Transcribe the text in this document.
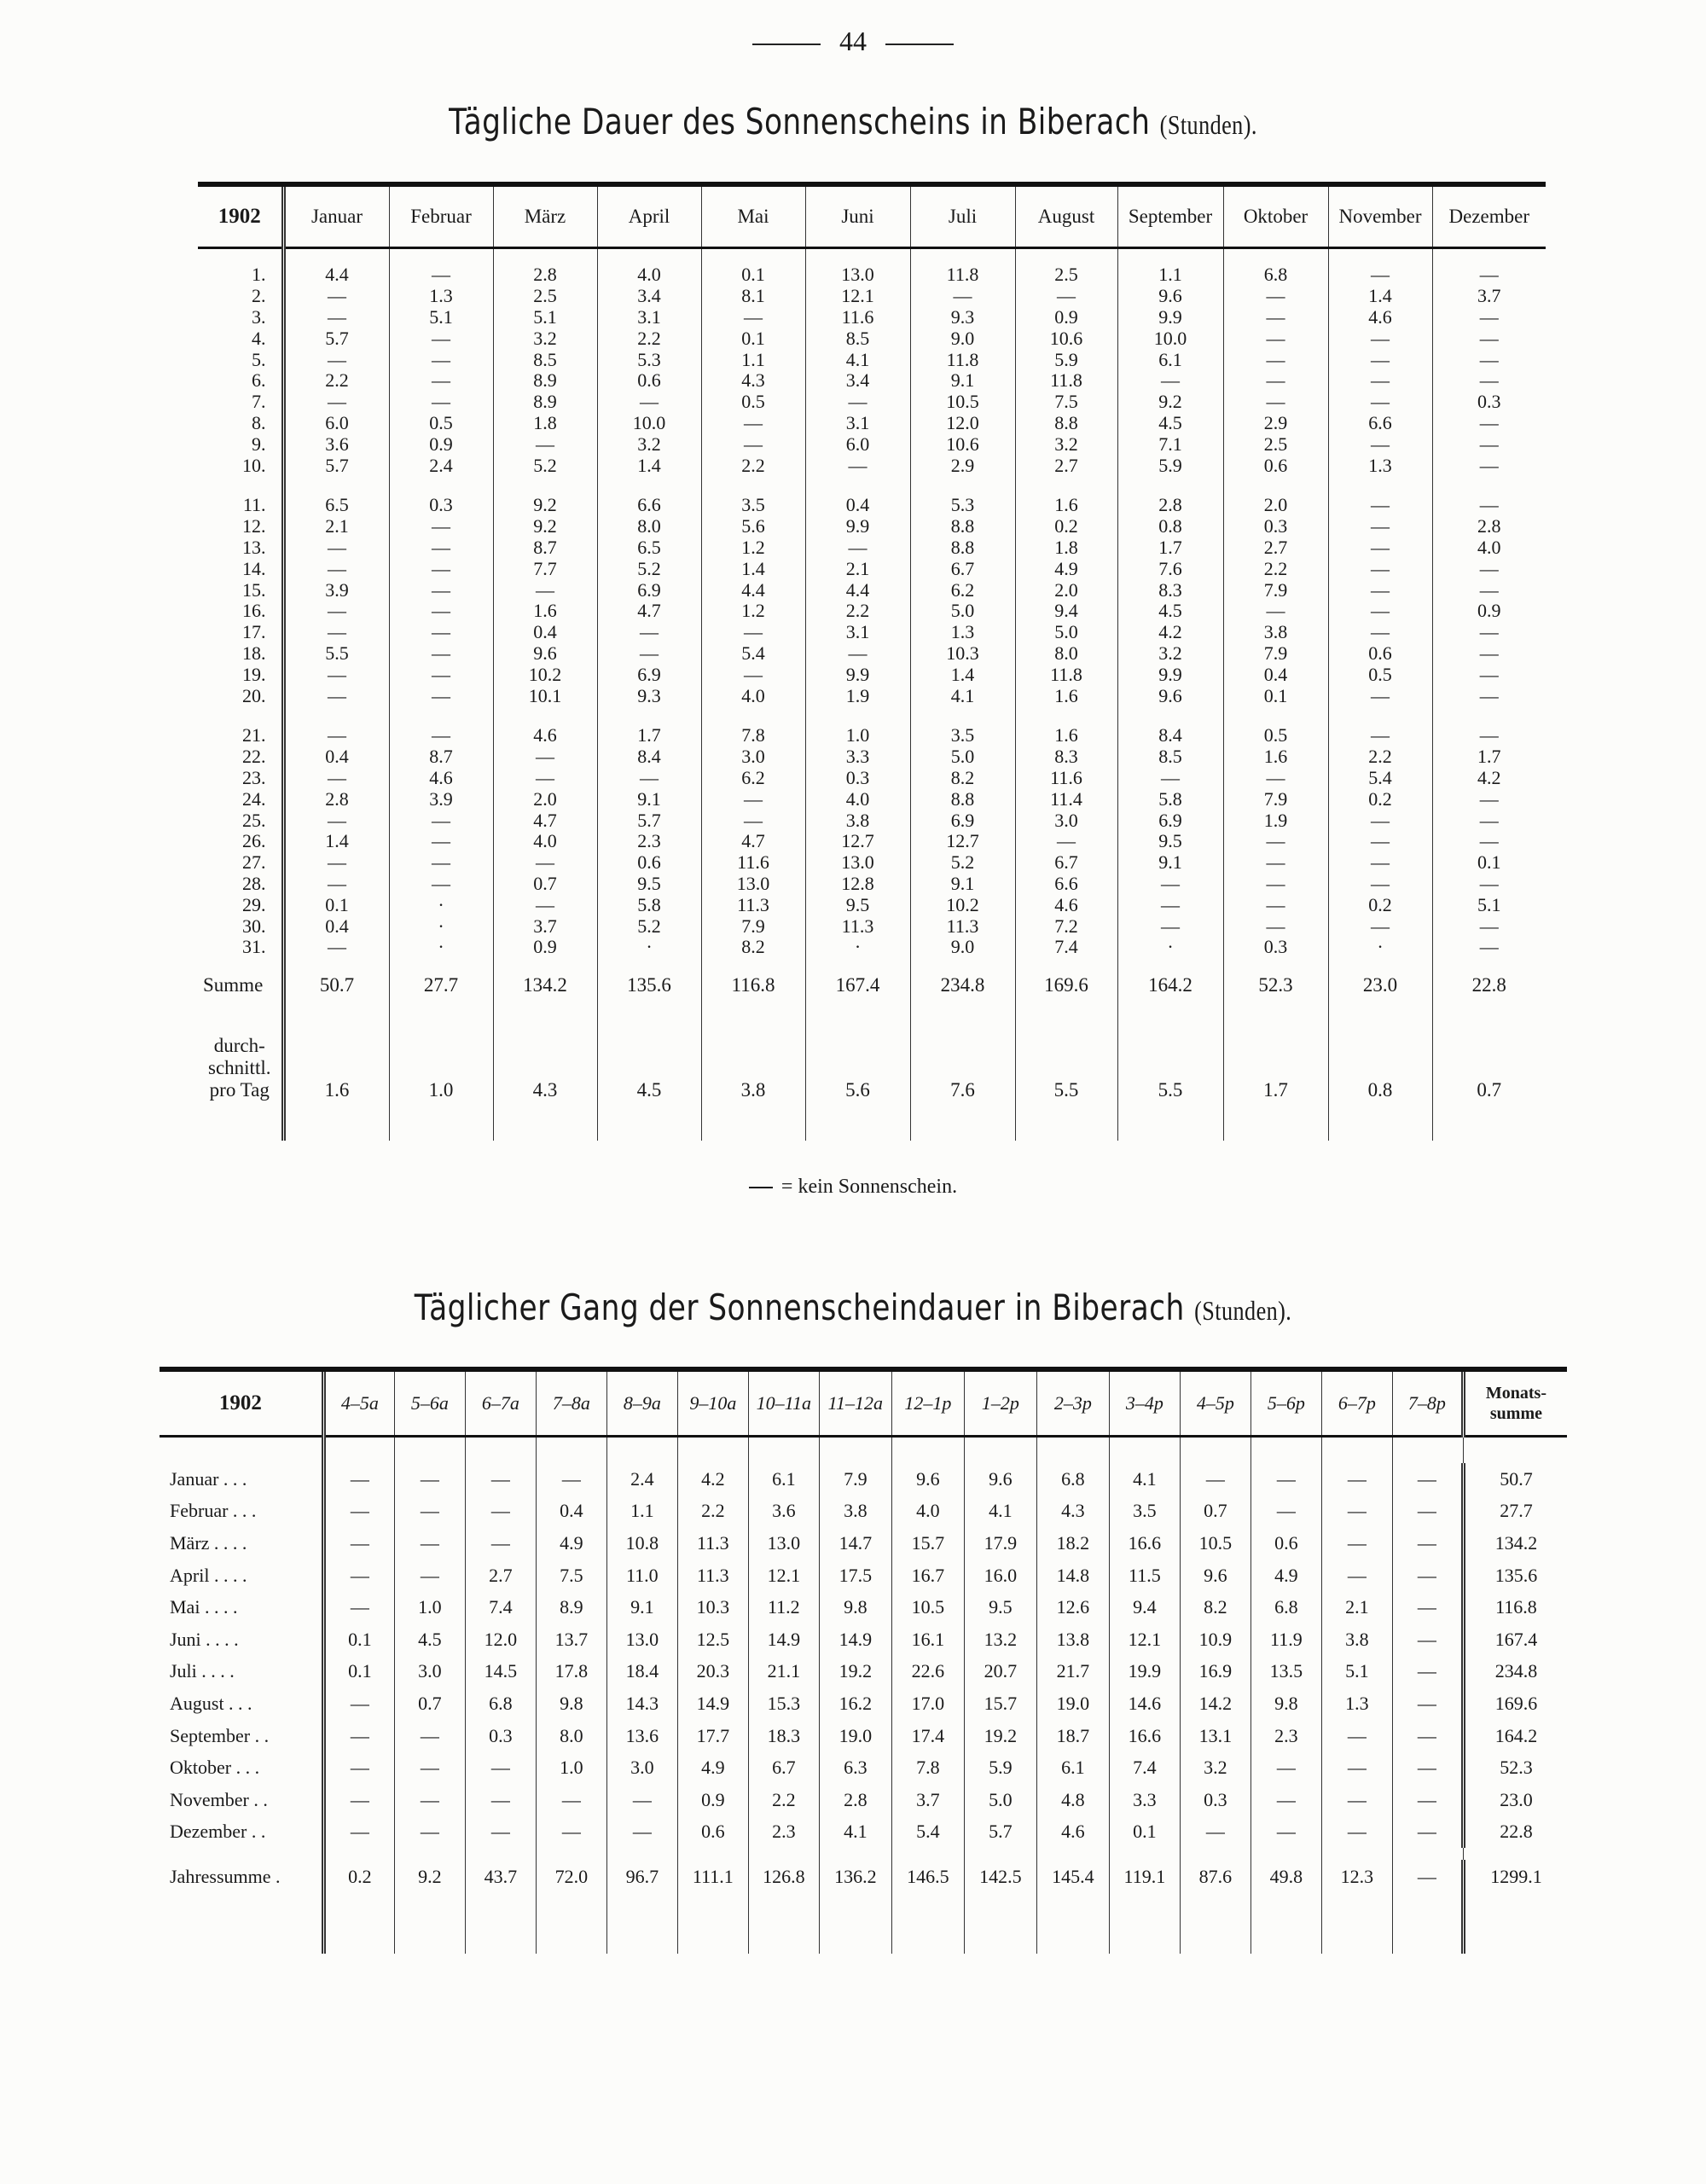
44
Tägliche Dauer des Sonnenscheins in Biberach (Stunden).
1902	Januar	Februar	März	April	Mai	Juni	Juli	August	September	Oktober	November	Dezember

1.	4.4	—	2.8	4.0	0.1	13.0	11.8	2.5	1.1	6.8	—	—
2.	—	1.3	2.5	3.4	8.1	12.1	—	—	9.6	—	1.4	3.7
3.	—	5.1	5.1	3.1	—	11.6	9.3	0.9	9.9	—	4.6	—
4.	5.7	—	3.2	2.2	0.1	8.5	9.0	10.6	10.0	—	—	—
5.	—	—	8.5	5.3	1.1	4.1	11.8	5.9	6.1	—	—	—
6.	2.2	—	8.9	0.6	4.3	3.4	9.1	11.8	—	—	—	—
7.	—	—	8.9	—	0.5	—	10.5	7.5	9.2	—	—	0.3
8.	6.0	0.5	1.8	10.0	—	3.1	12.0	8.8	4.5	2.9	6.6	—
9.	3.6	0.9	—	3.2	—	6.0	10.6	3.2	7.1	2.5	—	—
10.	5.7	2.4	5.2	1.4	2.2	—	2.9	2.7	5.9	0.6	1.3	—

11.	6.5	0.3	9.2	6.6	3.5	0.4	5.3	1.6	2.8	2.0	—	—
12.	2.1	—	9.2	8.0	5.6	9.9	8.8	0.2	0.8	0.3	—	2.8
13.	—	—	8.7	6.5	1.2	—	8.8	1.8	1.7	2.7	—	4.0
14.	—	—	7.7	5.2	1.4	2.1	6.7	4.9	7.6	2.2	—	—
15.	3.9	—	—	6.9	4.4	4.4	6.2	2.0	8.3	7.9	—	—
16.	—	—	1.6	4.7	1.2	2.2	5.0	9.4	4.5	—	—	0.9
17.	—	—	0.4	—	—	3.1	1.3	5.0	4.2	3.8	—	—
18.	5.5	—	9.6	—	5.4	—	10.3	8.0	3.2	7.9	0.6	—
19.	—	—	10.2	6.9	—	9.9	1.4	11.8	9.9	0.4	0.5	—
20.	—	—	10.1	9.3	4.0	1.9	4.1	1.6	9.6	0.1	—	—

21.	—	—	4.6	1.7	7.8	1.0	3.5	1.6	8.4	0.5	—	—
22.	0.4	8.7	—	8.4	3.0	3.3	5.0	8.3	8.5	1.6	2.2	1.7
23.	—	4.6	—	—	6.2	0.3	8.2	11.6	—	—	5.4	4.2
24.	2.8	3.9	2.0	9.1	—	4.0	8.8	11.4	5.8	7.9	0.2	—
25.	—	—	4.7	5.7	—	3.8	6.9	3.0	6.9	1.9	—	—
26.	1.4	—	4.0	2.3	4.7	12.7	12.7	—	9.5	—	—	—
27.	—	—	—	0.6	11.6	13.0	5.2	6.7	9.1	—	—	0.1
28.	—	—	0.7	9.5	13.0	12.8	9.1	6.6	—	—	—	—
29.	0.1	·	—	5.8	11.3	9.5	10.2	4.6	—	—	0.2	5.1
30.	0.4	·	3.7	5.2	7.9	11.3	11.3	7.2	—	—	—	—
31.	—	·	0.9	·	8.2	·	9.0	7.4	·	0.3	·	—
Summe	50.7	27.7	134.2	135.6	116.8	167.4	234.8	169.6	164.2	52.3	23.0	22.8

durch-
schnittl.
pro Tag	1.6	1.0	4.3	4.5	3.8	5.6	7.6	5.5	5.5	1.7	0.8	0.7

= kein Sonnenschein.
Täglicher Gang der Sonnenscheindauer in Biberach (Stunden).
1902	4–5a	5–6a	6–7a	7–8a	8–9a	9–10a	10–11a	11–12a	12–1p	1–2p	2–3p	3–4p	4–5p	5–6p	6–7p	7–8p	Monats-
summe

Januar . . .	—	—	—	—	2.4	4.2	6.1	7.9	9.6	9.6	6.8	4.1	—	—	—	—	50.7
Februar . . .	—	—	—	0.4	1.1	2.2	3.6	3.8	4.0	4.1	4.3	3.5	0.7	—	—	—	27.7
März . . . .	—	—	—	4.9	10.8	11.3	13.0	14.7	15.7	17.9	18.2	16.6	10.5	0.6	—	—	134.2
April . . . .	—	—	2.7	7.5	11.0	11.3	12.1	17.5	16.7	16.0	14.8	11.5	9.6	4.9	—	—	135.6
Mai . . . .	—	1.0	7.4	8.9	9.1	10.3	11.2	9.8	10.5	9.5	12.6	9.4	8.2	6.8	2.1	—	116.8
Juni . . . .	0.1	4.5	12.0	13.7	13.0	12.5	14.9	14.9	16.1	13.2	13.8	12.1	10.9	11.9	3.8	—	167.4
Juli . . . .	0.1	3.0	14.5	17.8	18.4	20.3	21.1	19.2	22.6	20.7	21.7	19.9	16.9	13.5	5.1	—	234.8
August . . .	—	0.7	6.8	9.8	14.3	14.9	15.3	16.2	17.0	15.7	19.0	14.6	14.2	9.8	1.3	—	169.6
September . .	—	—	0.3	8.0	13.6	17.7	18.3	19.0	17.4	19.2	18.7	16.6	13.1	2.3	—	—	164.2
Oktober . . .	—	—	—	1.0	3.0	4.9	6.7	6.3	7.8	5.9	6.1	7.4	3.2	—	—	—	52.3
November . .	—	—	—	—	—	0.9	2.2	2.8	3.7	5.0	4.8	3.3	0.3	—	—	—	23.0
Dezember . .	—	—	—	—	—	0.6	2.3	4.1	5.4	5.7	4.6	0.1	—	—	—	—	22.8

Jahressumme .	0.2	9.2	43.7	72.0	96.7	111.1	126.8	136.2	146.5	142.5	145.4	119.1	87.6	49.8	12.3	—	1299.1
